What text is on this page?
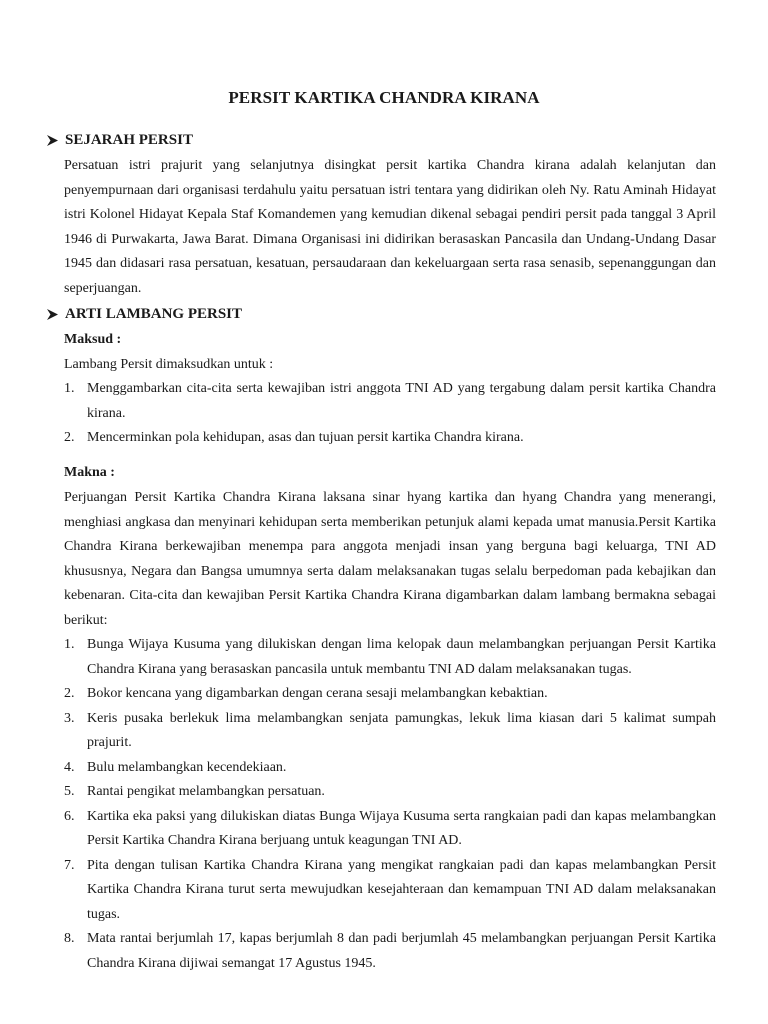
PERSIT KARTIKA CHANDRA KIRANA
SEJARAH PERSIT

Persatuan istri prajurit yang selanjutnya disingkat persit kartika Chandra kirana adalah kelanjutan dan penyempurnaan dari organisasi terdahulu yaitu persatuan istri tentara yang didirikan oleh Ny. Ratu Aminah Hidayat istri Kolonel Hidayat Kepala Staf Komandemen yang kemudian dikenal sebagai pendiri persit pada tanggal 3 April 1946 di Purwakarta, Jawa Barat. Dimana Organisasi ini didirikan berasaskan Pancasila dan Undang-Undang Dasar 1945 dan didasari rasa persatuan, kesatuan, persaudaraan dan kekeluargaan serta rasa senasib, sepenanggungan dan seperjuangan.

ARTI LAMBANG PERSIT
Maksud :
Lambang Persit dimaksudkan untuk :
1. Menggambarkan cita-cita serta kewajiban istri anggota TNI AD yang tergabung dalam persit kartika Chandra kirana.
2. Mencerminkan pola kehidupan, asas dan tujuan persit kartika Chandra kirana.
Makna :

Perjuangan Persit Kartika Chandra Kirana laksana sinar hyang kartika dan hyang Chandra yang menerangi, menghiasi angkasa dan menyinari kehidupan serta memberikan petunjuk alami kepada umat manusia.Persit Kartika Chandra Kirana berkewajiban menempa para anggota menjadi insan yang berguna bagi keluarga, TNI AD khususnya, Negara dan Bangsa umumnya serta dalam melaksanakan tugas selalu berpedoman pada kebajikan dan kebenaran. Cita-cita dan kewajiban Persit Kartika Chandra Kirana digambarkan dalam lambang bermakna sebagai berikut:

1. Bunga Wijaya Kusuma yang dilukiskan dengan lima kelopak daun melambangkan perjuangan Persit Kartika Chandra Kirana yang berasaskan pancasila untuk membantu TNI AD dalam melaksanakan tugas.
2. Bokor kencana yang digambarkan dengan cerana sesaji melambangkan kebaktian.
3. Keris pusaka berlekuk lima melambangkan senjata pamungkas, lekuk lima kiasan dari 5 kalimat sumpah prajurit.
4. Bulu melambangkan kecendekiaan.
5. Rantai pengikat melambangkan persatuan.
6. Kartika eka paksi yang dilukiskan diatas Bunga Wijaya Kusuma serta rangkaian padi dan kapas melambangkan Persit Kartika Chandra Kirana berjuang untuk keagungan TNI AD.
7. Pita dengan tulisan Kartika Chandra Kirana yang mengikat rangkaian padi dan kapas melambangkan Persit Kartika Chandra Kirana turut serta mewujudkan kesejahteraan dan kemampuan TNI AD dalam melaksanakan tugas.
8. Mata rantai berjumlah 17, kapas berjumlah 8 dan padi berjumlah 45 melambangkan perjuangan Persit Kartika Chandra Kirana dijiwai semangat 17 Agustus 1945.
